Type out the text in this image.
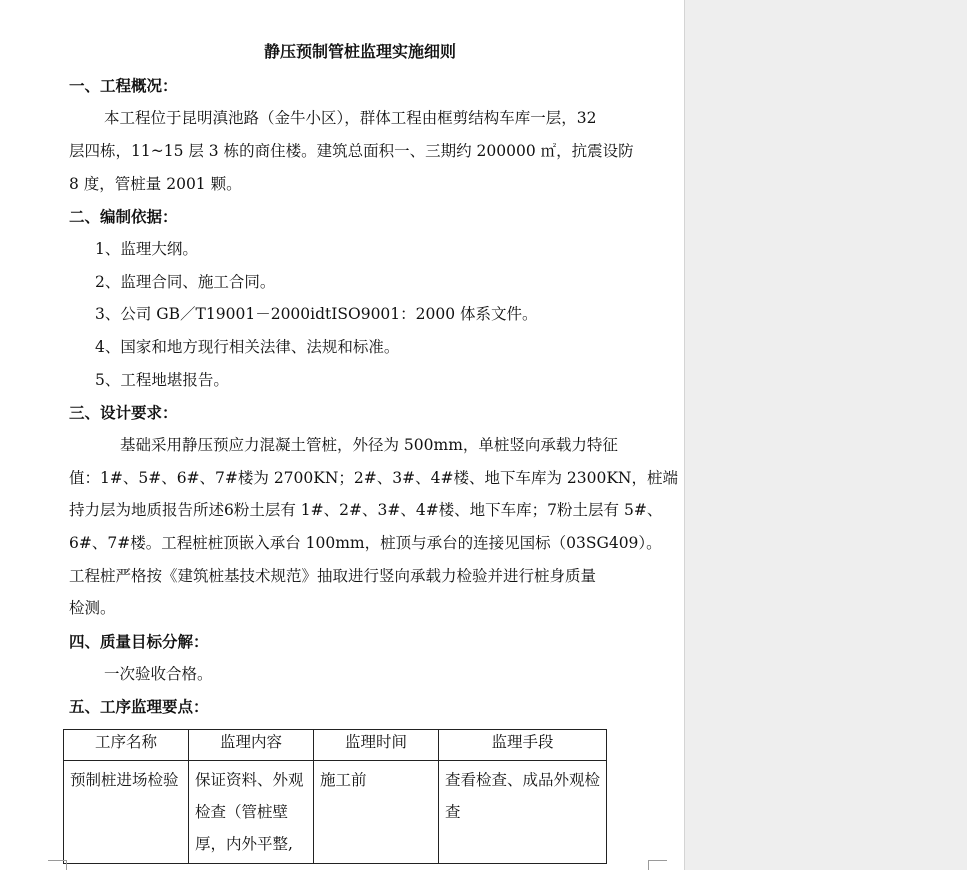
静压预制管桩监理实施细则
一、工程概况：
本工程位于昆明滇池路（金牛小区），群体工程由框剪结构车库一层，32
层四栋，11~15 层 3 栋的商住楼。建筑总面积一、三期约 200000 ㎡，抗震设防
8 度，管桩量 2001 颗。
二、编制依据：
1、监理大纲。
2、监理合同、施工合同。
3、公司 GB／T19001－2000idtISO9001：2000 体系文件。
4、国家和地方现行相关法律、法规和标准。
5、工程地堪报告。
三、设计要求：
基础采用静压预应力混凝土管桩，外径为 500mm，单桩竖向承载力特征
值：1#、5#、6#、7#楼为 2700KN；2#、3#、4#楼、地下车库为 2300KN，桩端
持力层为地质报告所述6粉土层有 1#、2#、3#、4#楼、地下车库；7粉土层有 5#、
6#、7#楼。工程桩桩顶嵌入承台 100mm，桩顶与承台的连接见国标（03SG409）。
工程桩严格按《建筑桩基技术规范》抽取进行竖向承载力检验并进行桩身质量
检测。
四、质量目标分解：
一次验收合格。
五、工序监理要点：
工序名称	监理内容	监理时间	监理手段
预制桩进场检验	保证资料、外观检查（管桩壁厚，内外平整,	施工前	查看检查、成品外观检查
